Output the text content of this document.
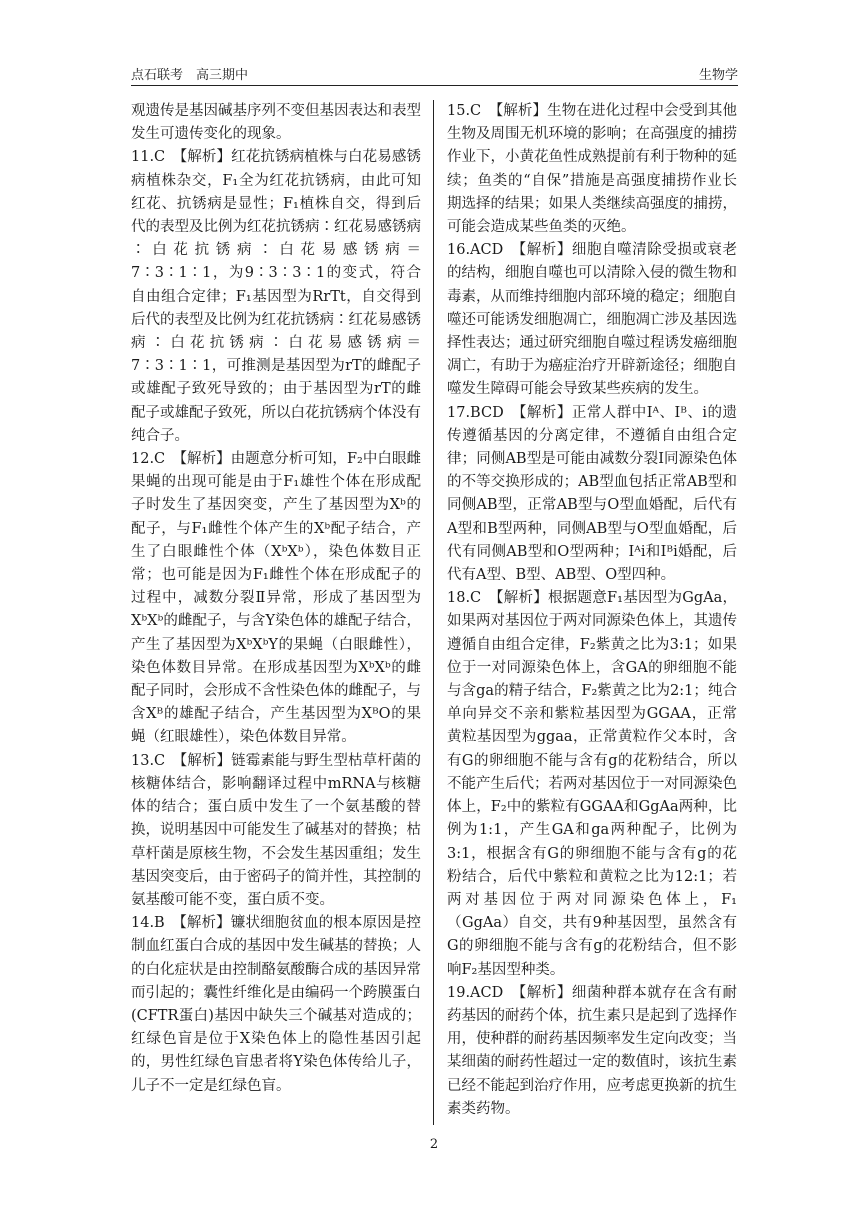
点石联考　高三期中	生物学

观遗传是基因碱基序列不变但基因表达和表型发生可遗传变化的现象。

11.C　【解析】红花抗锈病植株与白花易感锈病植株杂交，F₁全为红花抗锈病，由此可知红花、抗锈病是显性；F₁植株自交，得到后代的表型及比例为红花抗锈病∶红花易感锈病∶白花抗锈病∶白花易感锈病＝7∶3∶1∶1，为9∶3∶3∶1的变式，符合自由组合定律；F₁基因型为RrTt，自交得到后代的表型及比例为红花抗锈病∶红花易感锈病∶白花抗锈病∶白花易感锈病＝7∶3∶1∶1，可推测是基因型为rT的雌配子或雄配子致死导致的；由于基因型为rT的雌配子或雄配子致死，所以白花抗锈病个体没有纯合子。

12.C　【解析】由题意分析可知，F₂中白眼雌果蝇的出现可能是由于F₁雄性个体在形成配子时发生了基因突变，产生了基因型为Xᵇ的配子，与F₁雌性个体产生的Xᵇ配子结合，产生了白眼雌性个体（XᵇXᵇ），染色体数目正常；也可能是因为F₁雌性个体在形成配子的过程中，减数分裂Ⅱ异常，形成了基因型为XᵇXᵇ的雌配子，与含Y染色体的雄配子结合，产生了基因型为XᵇXᵇY的果蝇（白眼雌性），染色体数目异常。在形成基因型为XᵇXᵇ的雌配子同时，会形成不含性染色体的雌配子，与含Xᴮ的雄配子结合，产生基因型为XᴮO的果蝇（红眼雄性），染色体数目异常。

13.C　【解析】链霉素能与野生型枯草杆菌的核糖体结合，影响翻译过程中mRNA与核糖体的结合；蛋白质中发生了一个氨基酸的替换，说明基因中可能发生了碱基对的替换；枯草杆菌是原核生物，不会发生基因重组；发生基因突变后，由于密码子的简并性，其控制的氨基酸可能不变，蛋白质不变。

14.B　【解析】镰状细胞贫血的根本原因是控制血红蛋白合成的基因中发生碱基的替换；人的白化症状是由控制酪氨酸酶合成的基因异常而引起的；囊性纤维化是由编码一个跨膜蛋白(CFTR蛋白)基因中缺失三个碱基对造成的；红绿色盲是位于X染色体上的隐性基因引起的，男性红绿色盲患者将Y染色体传给儿子，儿子不一定是红绿色盲。

15.C　【解析】生物在进化过程中会受到其他生物及周围无机环境的影响；在高强度的捕捞作业下，小黄花鱼性成熟提前有利于物种的延续；鱼类的“自保”措施是高强度捕捞作业长期选择的结果；如果人类继续高强度的捕捞，可能会造成某些鱼类的灭绝。

16.ACD　【解析】细胞自噬清除受损或衰老的结构，细胞自噬也可以清除入侵的微生物和毒素，从而维持细胞内部环境的稳定；细胞自噬还可能诱发细胞凋亡，细胞凋亡涉及基因选择性表达；通过研究细胞自噬过程诱发癌细胞凋亡，有助于为癌症治疗开辟新途径；细胞自噬发生障碍可能会导致某些疾病的发生。

17.BCD　【解析】正常人群中Iᴬ、Iᴮ、i的遗传遵循基因的分离定律，不遵循自由组合定律；同侧AB型是可能由减数分裂Ⅰ同源染色体的不等交换形成的；AB型血包括正常AB型和同侧AB型，正常AB型与O型血婚配，后代有A型和B型两种，同侧AB型与O型血婚配，后代有同侧AB型和O型两种；Iᴬi和Iᴮi婚配，后代有A型、B型、AB型、O型四种。

18.C　【解析】根据题意F₁基因型为GgAa，如果两对基因位于两对同源染色体上，其遗传遵循自由组合定律，F₂紫黄之比为3:1；如果位于一对同源染色体上，含GA的卵细胞不能与含ga的精子结合，F₂紫黄之比为2:1；纯合单向异交不亲和紫粒基因型为GGAA，正常黄粒基因型为ggaa，正常黄粒作父本时，含有G的卵细胞不能与含有g的花粉结合，所以不能产生后代；若两对基因位于一对同源染色体上，F₂中的紫粒有GGAA和GgAa两种，比例为1:1，产生GA和ga两种配子，比例为3:1，根据含有G的卵细胞不能与含有g的花粉结合，后代中紫粒和黄粒之比为12:1；若两对基因位于两对同源染色体上，F₁（GgAa）自交，共有9种基因型，虽然含有G的卵细胞不能与含有g的花粉结合，但不影响F₂基因型种类。

19.ACD　【解析】细菌种群本就存在含有耐药基因的耐药个体，抗生素只是起到了选择作用，使种群的耐药基因频率发生定向改变；当某细菌的耐药性超过一定的数值时，该抗生素已经不能起到治疗作用，应考虑更换新的抗生素类药物。

2
